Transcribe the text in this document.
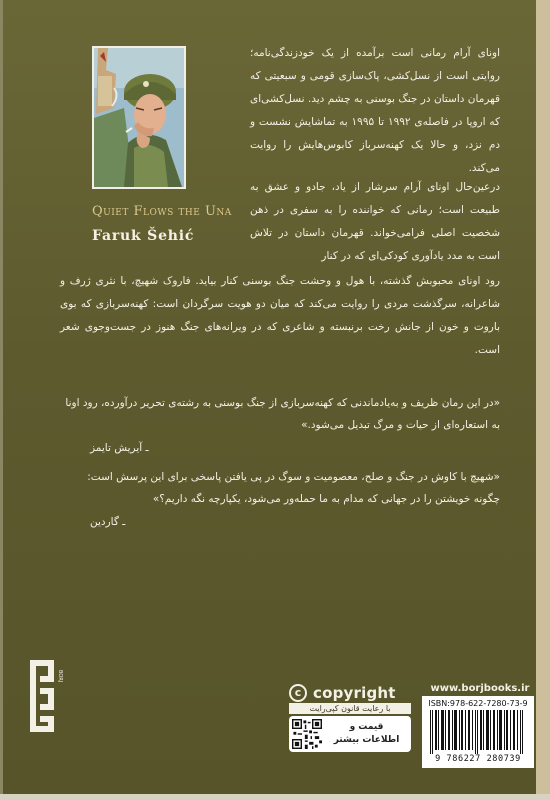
Quiet Flows the Una
Faruk Šehić
اونای آرام رمانی است برآمده از یک خودزندگی‌نامه؛ روایتی است از نسل‌کشی، پاک‌سازی قومی و سبعیتی که قهرمان داستان در جنگ بوسنی به چشم دید. نسل‌کشی‌ای که اروپا در فاصله‌ی ۱۹۹۲ تا ۱۹۹۵ به تماشایش نشست و دم نزد، و حالا یک کهنه‌سرباز کابوس‌هایش را روایت می‌کند.
درعین‌حال اونای آرام سرشار از یاد، جادو و عشق به طبیعت است؛ رمانی که خواننده را به سفری در ذهن شخصیت اصلی فرامی‌خواند. قهرمان داستان در تلاش است به مدد یادآوری کودکی‌ای که در کنار
رود اونای محبوبش گذشته، با هول و وحشت جنگ بوسنی کنار بیاید. فاروک شهیچ، با نثری ژرف و شاعرانه، سرگذشت مردی را روایت می‌کند که میان دو هویت سرگردان است: کهنه‌سربازی که بوی باروت و خون از جانش رخت برنبسته و شاعری که در ویرانه‌های جنگ هنوز در جست‌وجوی شعر است.
«در این رمان ظریف و به‌یادماندنی که کهنه‌سربازی از جنگ بوسنی به رشته‌ی تحریر درآورده، رود اونا به استعاره‌ای از حیات و مرگ تبدیل می‌شود.»
ـ آیریش تایمز
«شهیچ با کاوش در جنگ و صلح، معصومیت و سوگ در پی یافتن پاسخی برای این پرسش است: چگونه خویشتن را در جهانی که مدام به ما حمله‌ور می‌شود، یکپارچه نگه داریم؟»
ـ گاردین
BORJ
c copyright
با رعایت قانون کپی‌رایت
قیمت و
اطلاعات بیشتر
www.borjbooks.ir
ISBN:978-622-7280-73-9
9 786227 280739
